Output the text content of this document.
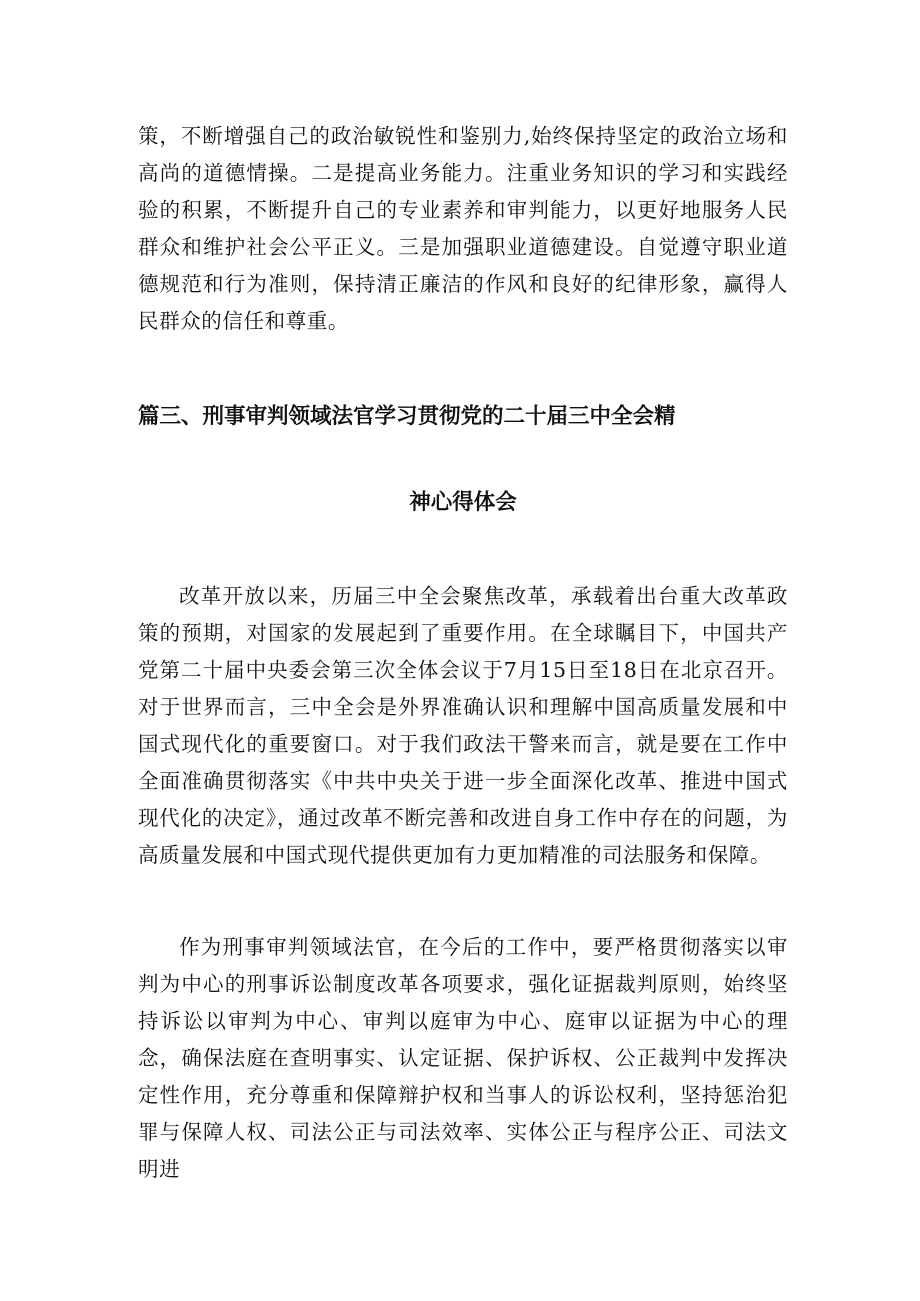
策，不断增强自己的政治敏锐性和鉴别力,始终保持坚定的政治立场和高尚的道德情操。二是提高业务能力。注重业务知识的学习和实践经验的积累，不断提升自己的专业素养和审判能力，以更好地服务人民群众和维护社会公平正义。三是加强职业道德建设。自觉遵守职业道德规范和行为准则，保持清正廉洁的作风和良好的纪律形象，赢得人民群众的信任和尊重。

篇三、刑事审判领域法官学习贯彻党的二十届三中全会精
神心得体会

改革开放以来，历届三中全会聚焦改革，承载着出台重大改革政策的预期，对国家的发展起到了重要作用。在全球瞩目下，中国共产党第二十届中央委会第三次全体会议于7月15日至18日在北京召开。对于世界而言，三中全会是外界准确认识和理解中国高质量发展和中国式现代化的重要窗口。对于我们政法干警来而言，就是要在工作中全面准确贯彻落实《中共中央关于进一步全面深化改革、推进中国式现代化的决定》，通过改革不断完善和改进自身工作中存在的问题，为高质量发展和中国式现代提供更加有力更加精准的司法服务和保障。

作为刑事审判领域法官，在今后的工作中，要严格贯彻落实以审判为中心的刑事诉讼制度改革各项要求，强化证据裁判原则，始终坚持诉讼以审判为中心、审判以庭审为中心、庭审以证据为中心的理念，确保法庭在查明事实、认定证据、保护诉权、公正裁判中发挥决定性作用，充分尊重和保障辩护权和当事人的诉讼权利，坚持惩治犯罪与保障人权、司法公正与司法效率、实体公正与程序公正、司法文明进
